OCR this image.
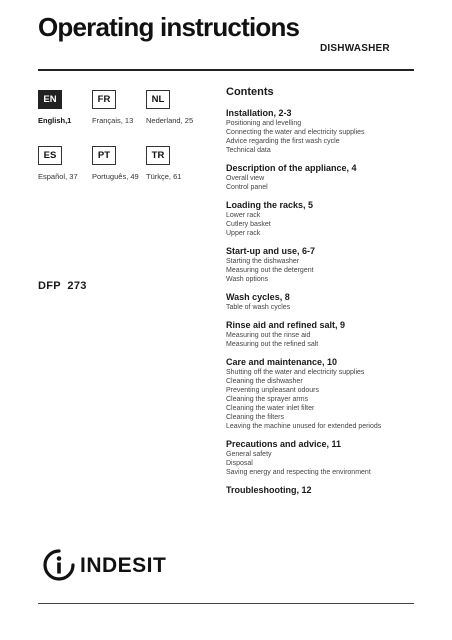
Operating instructions
DISHWASHER
EN
English,1
FR
Français, 13
NL
Nederland, 25
ES
Español, 37
PT
Português, 49
TR
Türkçe, 61
DFP  273
Contents
Installation, 2-3
Positioning and levelling
Connecting the water and electricity supplies
Advice regarding the first wash cycle
Technical data
Description of the appliance, 4
Overall view
Control panel
Loading the racks, 5
Lower rack
Cutlery basket
Upper rack
Start-up and use, 6-7
Starting the dishwasher
Measuring out the detergent
Wash options
Wash cycles, 8
Table of wash cycles
Rinse aid and refined salt, 9
Measuring out the rinse aid
Measuring out the refined salt
Care and maintenance, 10
Shutting off the water and electricity supplies
Cleaning the dishwasher
Preventing unpleasant odours
Cleaning the sprayer arms
Cleaning the water inlet filter
Cleaning the filters
Leaving the machine unused for extended periods
Precautions and advice, 11
General safety
Disposal
Saving energy and respecting the environment
Troubleshooting, 12
INDESIT
